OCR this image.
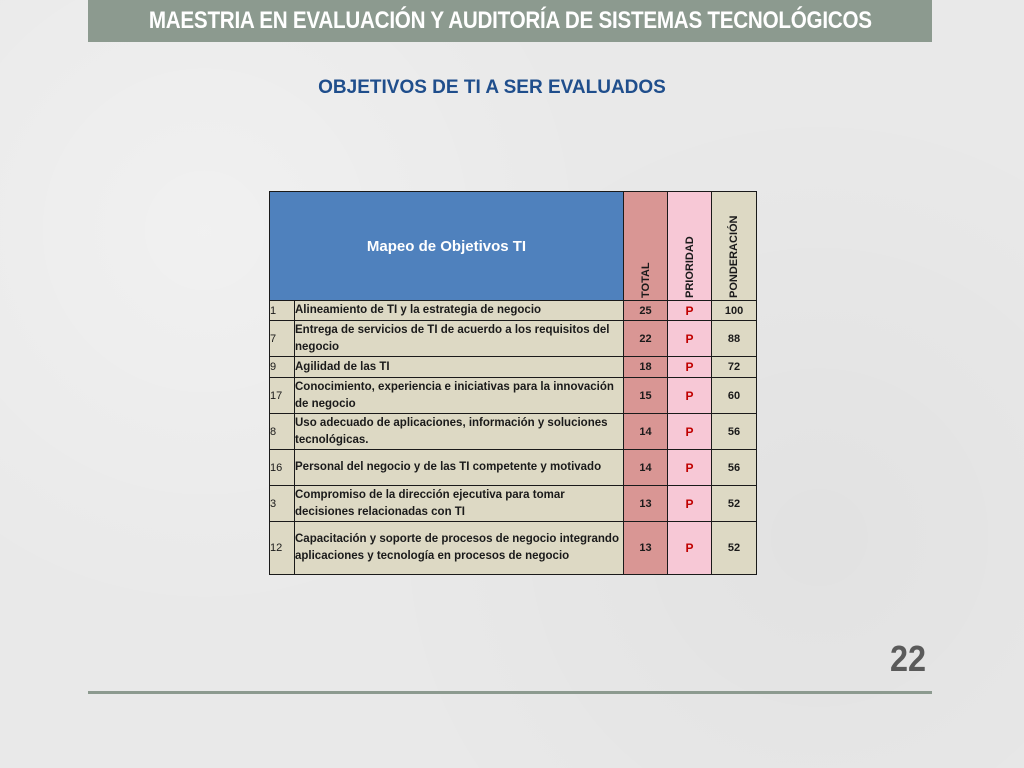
MAESTRIA EN EVALUACIÓN Y AUDITORÍA DE SISTEMAS TECNOLÓGICOS
OBJETIVOS DE TI A SER EVALUADOS
Mapeo de Objetivos TI		TOTAL	PRIORIDAD	PONDERACIÓN

1	Alineamiento de TI y la estrategia de negocio	25	P	100
7	Entrega de servicios de TI de acuerdo a los requisitos del negocio	22	P	88
9	Agilidad de las TI	18	P	72
17	Conocimiento, experiencia e iniciativas para la innovación de negocio	15	P	60
8	Uso adecuado de aplicaciones, información y soluciones tecnológicas.	14	P	56
16	Personal del negocio y de las TI competente y motivado	14	P	56
3	Compromiso de la dirección ejecutiva para tomar decisiones relacionadas con TI	13	P	52
12	Capacitación y soporte de procesos de negocio integrando aplicaciones y tecnología en procesos de negocio	13	P	52
22
